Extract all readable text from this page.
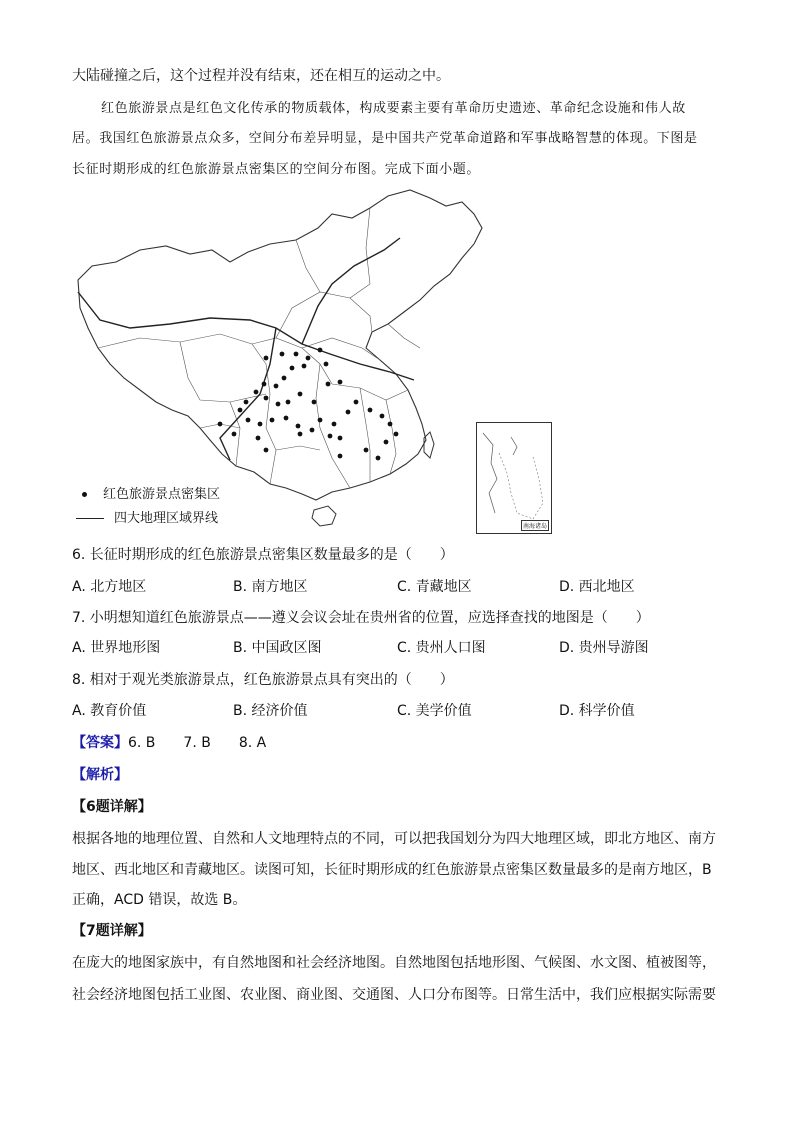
大陆碰撞之后，这个过程并没有结束，还在相互的运动之中。
红色旅游景点是红色文化传承的物质载体，构成要素主要有革命历史遗迹、革命纪念设施和伟人故
居。我国红色旅游景点众多，空间分布差异明显，是中国共产党革命道路和军事战略智慧的体现。下图是
长征时期形成的红色旅游景点密集区的空间分布图。完成下面小题。
南海诸岛
红色旅游景点密集区
四大地理区域界线
6. 长征时期形成的红色旅游景点密集区数量最多的是（　　）
A. 北方地区	B. 南方地区	C. 青藏地区	D. 西北地区
7. 小明想知道红色旅游景点——遵义会议会址在贵州省的位置，应选择查找的地图是（　　）
A. 世界地形图	B. 中国政区图	C. 贵州人口图	D. 贵州导游图
8. 相对于观光类旅游景点，红色旅游景点具有突出的（　　）
A. 教育价值	B. 经济价值	C. 美学价值	D. 科学价值
【答案】6. B　　7. B　　8. A
【解析】
【6题详解】
根据各地的地理位置、自然和人文地理特点的不同，可以把我国划分为四大地理区域，即北方地区、南方
地区、西北地区和青藏地区。读图可知，长征时期形成的红色旅游景点密集区数量最多的是南方地区，B
正确，ACD 错误，故选 B。
【7题详解】
在庞大的地图家族中，有自然地图和社会经济地图。自然地图包括地形图、气候图、水文图、植被图等，
社会经济地图包括工业图、农业图、商业图、交通图、人口分布图等。日常生活中，我们应根据实际需要
